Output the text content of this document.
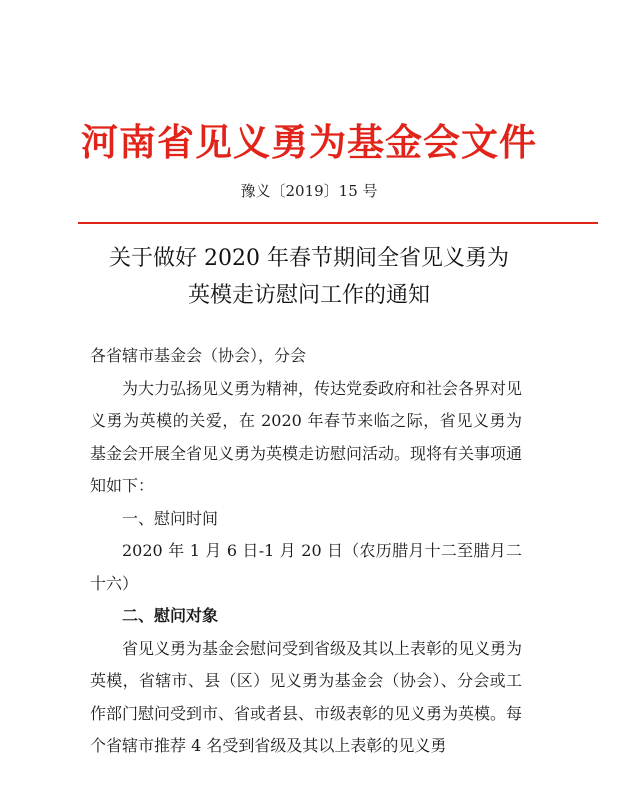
河南省见义勇为基金会文件
豫义〔2019〕15 号
关于做好 2020 年春节期间全省见义勇为
英模走访慰问工作的通知

各省辖市基金会（协会），分会

为大力弘扬见义勇为精神，传达党委政府和社会各界对见义勇为英模的关爱，在 2020 年春节来临之际，省见义勇为基金会开展全省见义勇为英模走访慰问活动。现将有关事项通知如下：

一、慰问时间

2020 年 1 月 6 日-1 月 20 日（农历腊月十二至腊月二十六）

二、慰问对象

省见义勇为基金会慰问受到省级及其以上表彰的见义勇为英模，省辖市、县（区）见义勇为基金会（协会）、分会或工作部门慰问受到市、省或者县、市级表彰的见义勇为英模。每个省辖市推荐 4 名受到省级及其以上表彰的见义勇
